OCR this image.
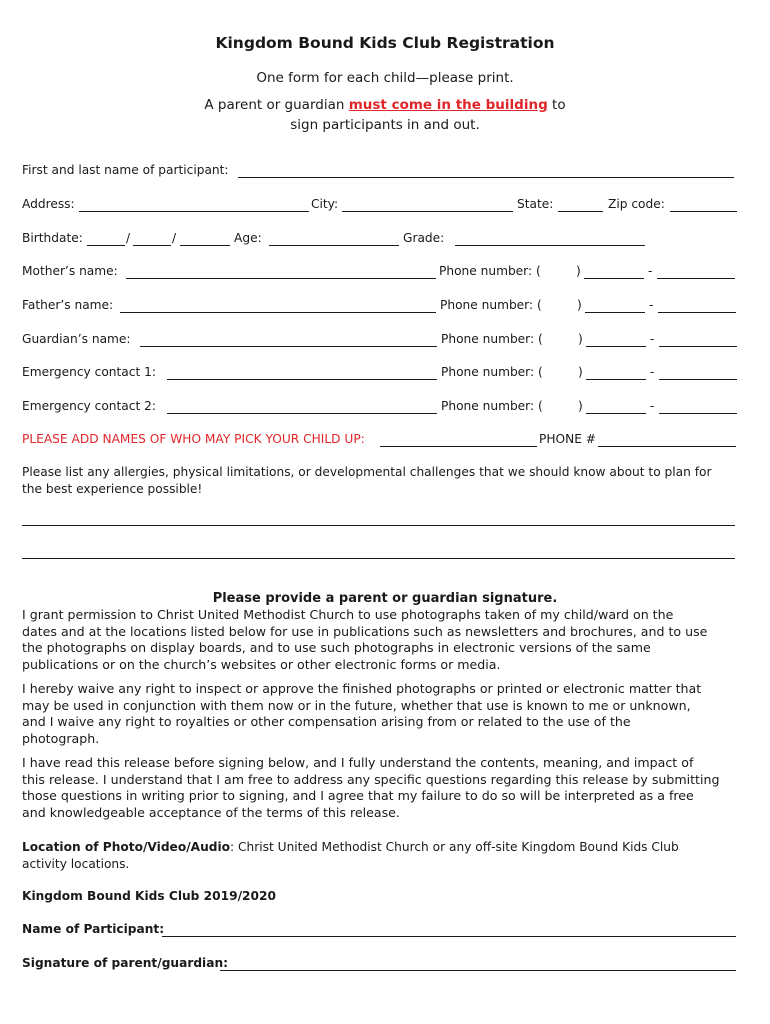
Kingdom Bound Kids Club Registration
One form for each child—please print.
A parent or guardian must come in the building to
sign participants in and out.
First and last name of participant:
Address:	City:	State:	Zip code:
Birthdate:	/	/	Age:	Grade:
Mother’s name:	Phone number: (	)	-
Father’s name:	Phone number: (	)	-
Guardian’s name:	Phone number: (	)	-
Emergency contact 1:	Phone number: (	)	-
Emergency contact 2:	Phone number: (	)	-
PLEASE ADD NAMES OF WHO MAY PICK YOUR CHILD UP:	PHONE #
Please list any allergies, physical limitations, or developmental challenges that we should know about to plan for
the best experience possible!
Please provide a parent or guardian signature.
I grant permission to Christ United Methodist Church to use photographs taken of my child/ward on the
dates and at the locations listed below for use in publications such as newsletters and brochures, and to use
the photographs on display boards, and to use such photographs in electronic versions of the same
publications or on the church’s websites or other electronic forms or media.
I hereby waive any right to inspect or approve the finished photographs or printed or electronic matter that
may be used in conjunction with them now or in the future, whether that use is known to me or unknown,
and I waive any right to royalties or other compensation arising from or related to the use of the
photograph.
I have read this release before signing below, and I fully understand the contents, meaning, and impact of
this release. I understand that I am free to address any specific questions regarding this release by submitting
those questions in writing prior to signing, and I agree that my failure to do so will be interpreted as a free
and knowledgeable acceptance of the terms of this release.
Location of Photo/Video/Audio: Christ United Methodist Church or any off-site Kingdom Bound Kids Club
activity locations.
Kingdom Bound Kids Club 2019/2020
Name of Participant:
Signature of parent/guardian:
